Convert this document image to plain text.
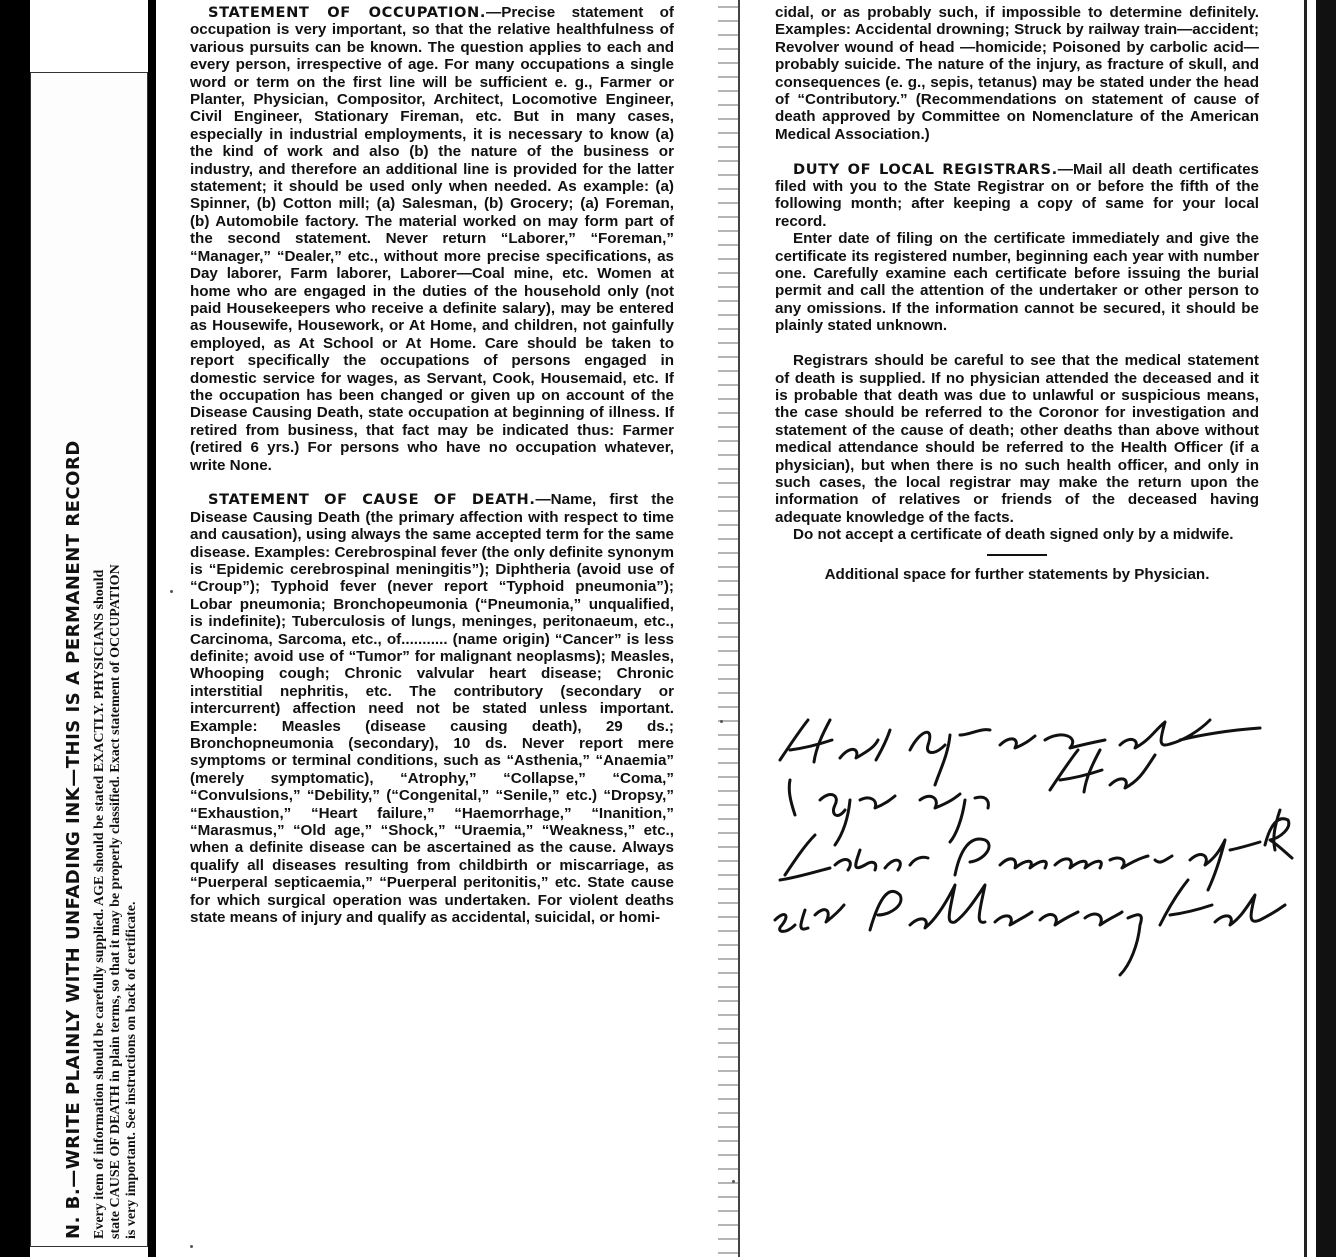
N. B.—WRITE PLAINLY WITH UNFADING INK—THIS IS A PERMANENT RECORD Every item of information should be carefully supplied. AGE should be stated EXACTLY. PHYSICIANS should state CAUSE OF DEATH in plain terms, so that it may be properly classified. Exact statement of OCCUPATION is very important. See instructions on back of certificate.

STATEMENT OF OCCUPATION.—Precise statement of occupation is very important, so that the relative healthfulness of various pursuits can be known. The question applies to each and every person, irrespective of age. For many occupations a single word or term on the first line will be sufficient e. g., Farmer or Planter, Physician, Compositor, Architect, Locomotive Engineer, Civil Engineer, Stationary Fireman, etc. But in many cases, especially in industrial employments, it is necessary to know (a) the kind of work and also (b) the nature of the business or industry, and therefore an additional line is provided for the latter statement; it should be used only when needed. As example: (a) Spinner, (b) Cotton mill; (a) Salesman, (b) Grocery; (a) Foreman, (b) Automobile factory. The material worked on may form part of the second statement. Never return “Laborer,” “Foreman,” “Manager,” “Dealer,” etc., without more precise specifications, as Day laborer, Farm laborer, Laborer—Coal mine, etc. Women at home who are engaged in the duties of the household only (not paid Housekeepers who receive a definite salary), may be entered as Housewife, Housework, or At Home, and children, not gainfully employed, as At School or At Home. Care should be taken to report specifically the occupations of persons engaged in domestic service for wages, as Servant, Cook, Housemaid, etc. If the occupation has been changed or given up on account of the Disease Causing Death, state occupation at beginning of illness. If retired from business, that fact may be indicated thus: Farmer (retired 6 yrs.) For persons who have no occupation whatever, write None.

STATEMENT OF CAUSE OF DEATH.—Name, first the Disease Causing Death (the primary affection with respect to time and causation), using always the same accepted term for the same disease. Examples: Cerebrospinal fever (the only definite synonym is “Epidemic cerebrospinal meningitis”); Diphtheria (avoid use of “Croup”); Typhoid fever (never report “Typhoid pneumonia”); Lobar pneumonia; Bronchopeumonia (“Pneumonia,” unqualified, is indefinite); Tuberculosis of lungs, meninges, peritonaeum, etc., Carcinoma, Sarcoma, etc., of........... (name origin) “Cancer” is less definite; avoid use of “Tumor” for malignant neoplasms); Measles, Whooping cough; Chronic valvular heart disease; Chronic interstitial nephritis, etc. The contributory (secondary or intercurrent) affection need not be stated unless important. Example: Measles (disease causing death), 29 ds.; Bronchopneumonia (secondary), 10 ds. Never report mere symptoms or terminal conditions, such as “Asthenia,” “Anaemia” (merely symptomatic), “Atrophy,” “Collapse,” “Coma,” “Convulsions,” “Debility,” (“Congenital,” “Senile,” etc.) “Dropsy,” “Exhaustion,” “Heart failure,” “Haemorrhage,” “Inanition,” “Marasmus,” “Old age,” “Shock,” “Uraemia,” “Weakness,” etc., when a definite disease can be ascertained as the cause. Always qualify all diseases resulting from childbirth or miscarriage, as “Puerperal septicaemia,” “Puerperal peritonitis,” etc. State cause for which surgical operation was undertaken. For violent deaths state means of injury and qualify as accidental, suicidal, or homi-

cidal, or as probably such, if impossible to determine definitely. Examples: Accidental drowning; Struck by railway train—accident; Revolver wound of head —homicide; Poisoned by carbolic acid—probably suicide. The nature of the injury, as fracture of skull, and consequences (e. g., sepis, tetanus) may be stated under the head of “Contributory.” (Recommendations on statement of cause of death approved by Committee on Nomenclature of the American Medical Association.)

DUTY OF LOCAL REGISTRARS.—Mail all death certificates filed with you to the State Registrar on or before the fifth of the following month; after keeping a copy of same for your local record.

Enter date of filing on the certificate immediately and give the certificate its registered number, beginning each year with number one. Carefully examine each certificate before issuing the burial permit and call the attention of the undertaker or other person to any omissions. If the information cannot be secured, it should be plainly stated unknown.

Registrars should be careful to see that the medical statement of death is supplied. If no physician attended the deceased and it is probable that death was due to unlawful or suspicious means, the case should be referred to the Coronor for investigation and statement of the cause of death; other deaths than above without medical attendance should be referred to the Health Officer (if a physician), but when there is no such health officer, and only in such cases, the local registrar may make the return upon the information of relatives or friends of the deceased having adequate knowledge of the facts.

Do not accept a certificate of death signed only by a midwife.

Additional space for further statements by Physician.
